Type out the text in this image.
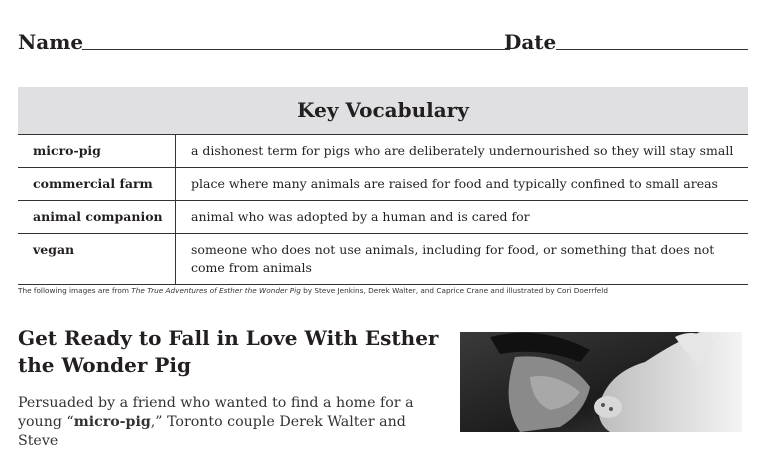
Name	Date
Key Vocabulary
micro-pig	a dishonest term for pigs who are deliberately undernourished so they will stay small
commercial farm	place where many animals are raised for food and typically confined to small areas
animal companion	animal who was adopted by a human and is cared for
vegan	someone who does not use animals, including for food, or something that does not come from animals
The following images are from The True Adventures of Esther the Wonder Pig by Steve Jenkins, Derek Walter, and Caprice Crane and illustrated by Cori Doerrfeld
Get Ready to Fall in Love With Esther the Wonder Pig

Persuaded by a friend who wanted to find a home for a young “micro-pig,” Toronto couple Derek Walter and Steve
